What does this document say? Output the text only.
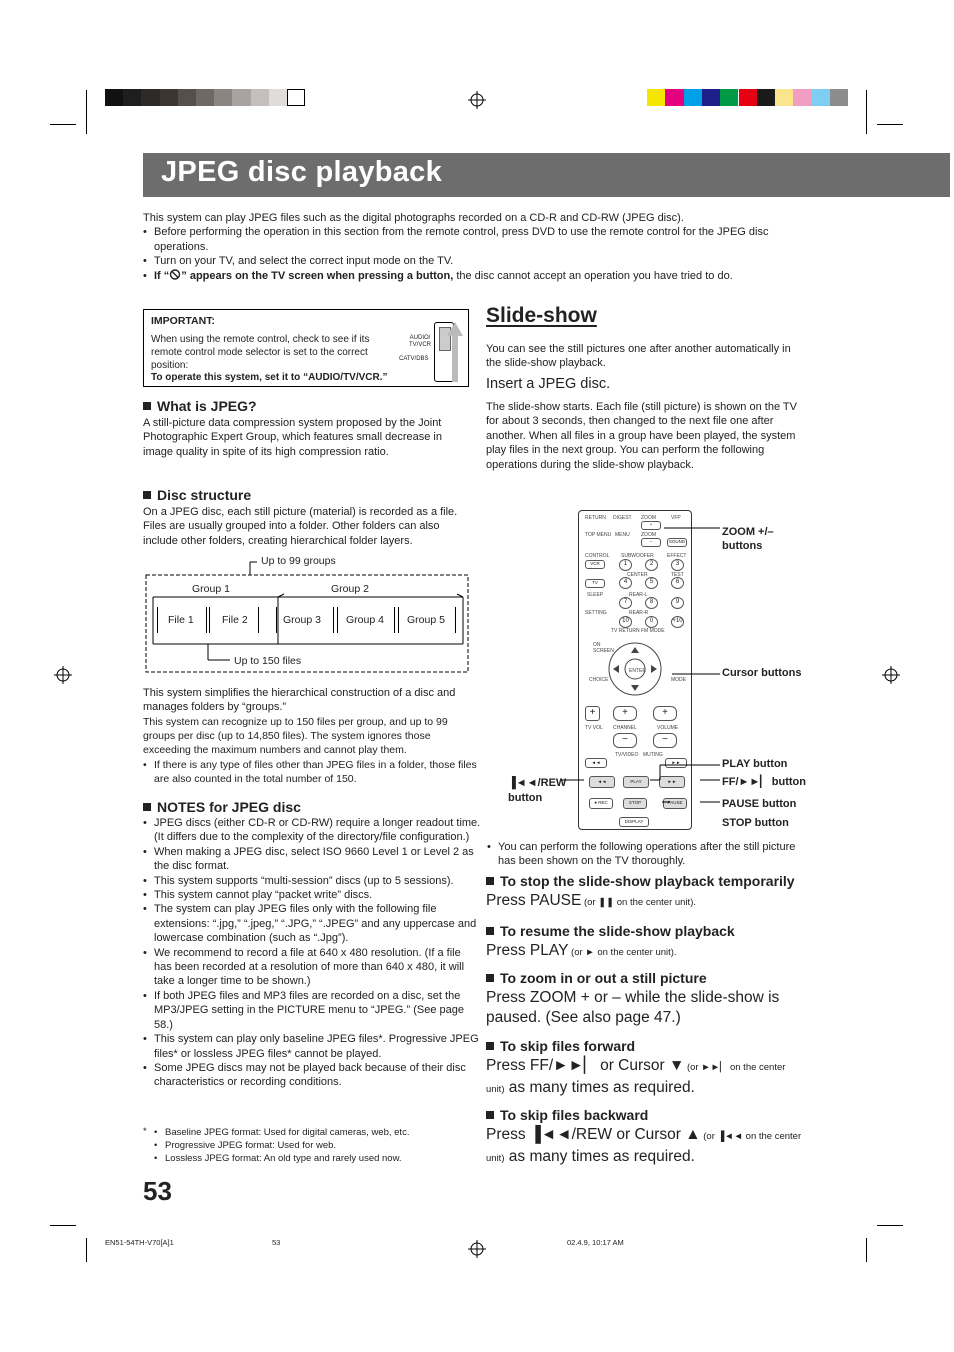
JPEG disc playback
This system can play JPEG files such as the digital photographs recorded on a CD-R and CD-RW (JPEG disc).
• Before performing the operation in this section from the remote control, press DVD to use the remote control for the JPEG disc operations.
• Turn on your TV, and select the correct input mode on the TV.
• If “ ” appears on the TV screen when pressing a button, the disc cannot accept an operation you have tried to do.
IMPORTANT:
When using the remote control, check to see if its remote control mode selector is set to the correct position:
To operate this system, set it to “AUDIO/TV/VCR.”
AUDIO/ TV/VCR
CATV/DBS
What is JPEG?
A still-picture data compression system proposed by the Joint Photographic Expert Group, which features small decrease in image quality in spite of its high compression ratio.
Disc structure
On a JPEG disc, each still picture (material) is recorded as a file. Files are usually grouped into a folder. Other folders can also include other folders, creating hierarchical folder layers.
Up to 99 groups
Up to 150 files
Group 1	Group 2
File 1	File 2	Group 3	Group 4	Group 5
This system simplifies the hierarchical construction of a disc and manages folders by “groups.”
This system can recognize up to 150 files per group, and up to 99 groups per disc (up to 14,850 files). The system ignores those exceeding the maximum numbers and cannot play them.
• If there is any type of files other than JPEG files in a folder, those files are also counted in the total number of 150.
NOTES for JPEG disc
• JPEG discs (either CD-R or CD-RW) require a longer readout time. (It differs due to the complexity of the directory/file configuration.)
• When making a JPEG disc, select ISO 9660 Level 1 or Level 2 as the disc format.
• This system supports “multi-session” discs (up to 5 sessions).
• This system cannot play “packet write” discs.
• The system can play JPEG files only with the following file extensions: “.jpg,” “.jpeg,” “.JPG,” “.JPEG” and any uppercase and lowercase combination (such as “.Jpg”).
• We recommend to record a file at 640 x 480 resolution. (If a file has been recorded at a resolution of more than 640 x 480, it will take a longer time to be shown.)
• If both JPEG files and MP3 files are recorded on a disc, set the MP3/JPEG setting in the PICTURE menu to “JPEG.” (See page 58.)
• This system can play only baseline JPEG files*. Progressive JPEG files* or lossless JPEG files* cannot be played.
• Some JPEG discs may not be played back because of their disc characteristics or recording conditions.
*
• Baseline JPEG format: Used for digital cameras, web, etc.
• Progressive JPEG format: Used for web.
• Lossless JPEG format: An old type and rarely used now.
53
Slide-show
You can see the still pictures one after another automatically in the slide-show playback.
Insert a JPEG disc.
The slide-show starts. Each file (still picture) is shown on the TV for about 3 seconds, then changed to the next file one after another. When all files in a group have been played, the system play files in the next group. You can perform the following operations during the slide-show playback.
RETURN DIGEST ZOOM	VFP
+
TOP MENU MENU ZOOM
−	SOUND
CONTROL SUBWOOFER	EFFECT
VCR	1	2	3
CENTER	TEST
TV	4	5	6
SLEEP	REAR-L
7	8	9
SETTING	REAR-R
10	0	+10
TV RETURN FM MODE
ON SCREEN
CHOICE	MODE
ENTER
+	+	+
TV VOL CHANNEL	VOLUME
−	−
TV/VIDEO MUTING
◄◄	►►
◄◄	PLAY	►►
● REC	STOP	PAUSE
DISPLAY
ZOOM +/– buttons
Cursor buttons
PLAY button
FF/►►▏ button
PAUSE button
STOP button
▐◄◄/REW button
• You can perform the following operations after the still picture has been shown on the TV thoroughly.
To stop the slide-show playback temporarily
Press PAUSE (or ❚❚ on the center unit).
To resume the slide-show playback
Press PLAY (or ► on the center unit).
To zoom in or out a still picture
Press ZOOM + or – while the slide-show is paused. (See also page 47.)
To skip files forward
Press FF/►►▏ or Cursor ▼ (or ►►▏ on the center unit) as many times as required.
To skip files backward
Press ▐◄◄/REW or Cursor ▲ (or ▐◄◄ on the center unit) as many times as required.
EN51-54TH-V70[A]1	53	02.4.9, 10:17 AM
